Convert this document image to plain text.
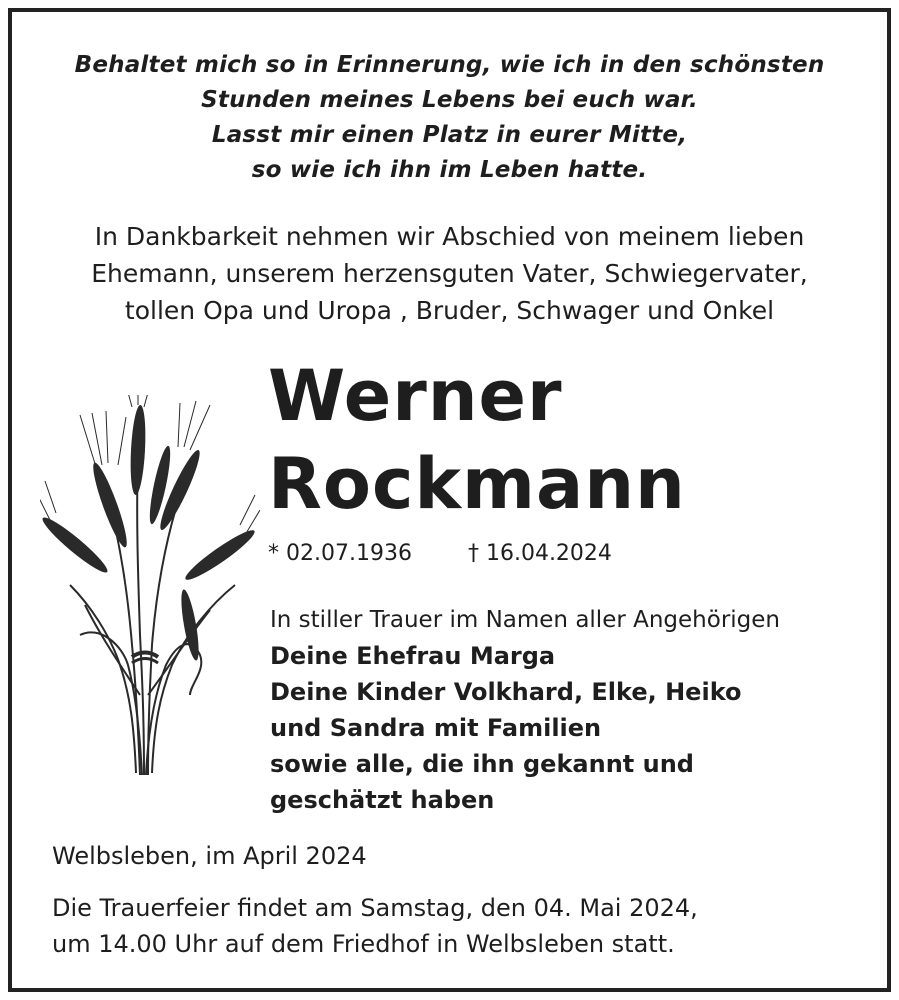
Behaltet mich so in Erinnerung, wie ich in den schönsten
Stunden meines Lebens bei euch war.
Lasst mir einen Platz in eurer Mitte,
so wie ich ihn im Leben hatte.
In Dankbarkeit nehmen wir Abschied von meinem lieben
Ehemann, unserem herzensguten Vater, Schwiegervater,
tollen Opa und Uropa , Bruder, Schwager und Onkel
Werner
Rockmann
* 02.07.1936	† 16.04.2024
In stiller Trauer im Namen aller Angehörigen
Deine Ehefrau Marga
Deine Kinder Volkhard, Elke, Heiko
und Sandra mit Familien
sowie alle, die ihn gekannt und
geschätzt haben
Welbsleben, im April 2024
Die Trauerfeier findet am Samstag, den 04. Mai 2024,
um 14.00 Uhr auf dem Friedhof in Welbsleben statt.
